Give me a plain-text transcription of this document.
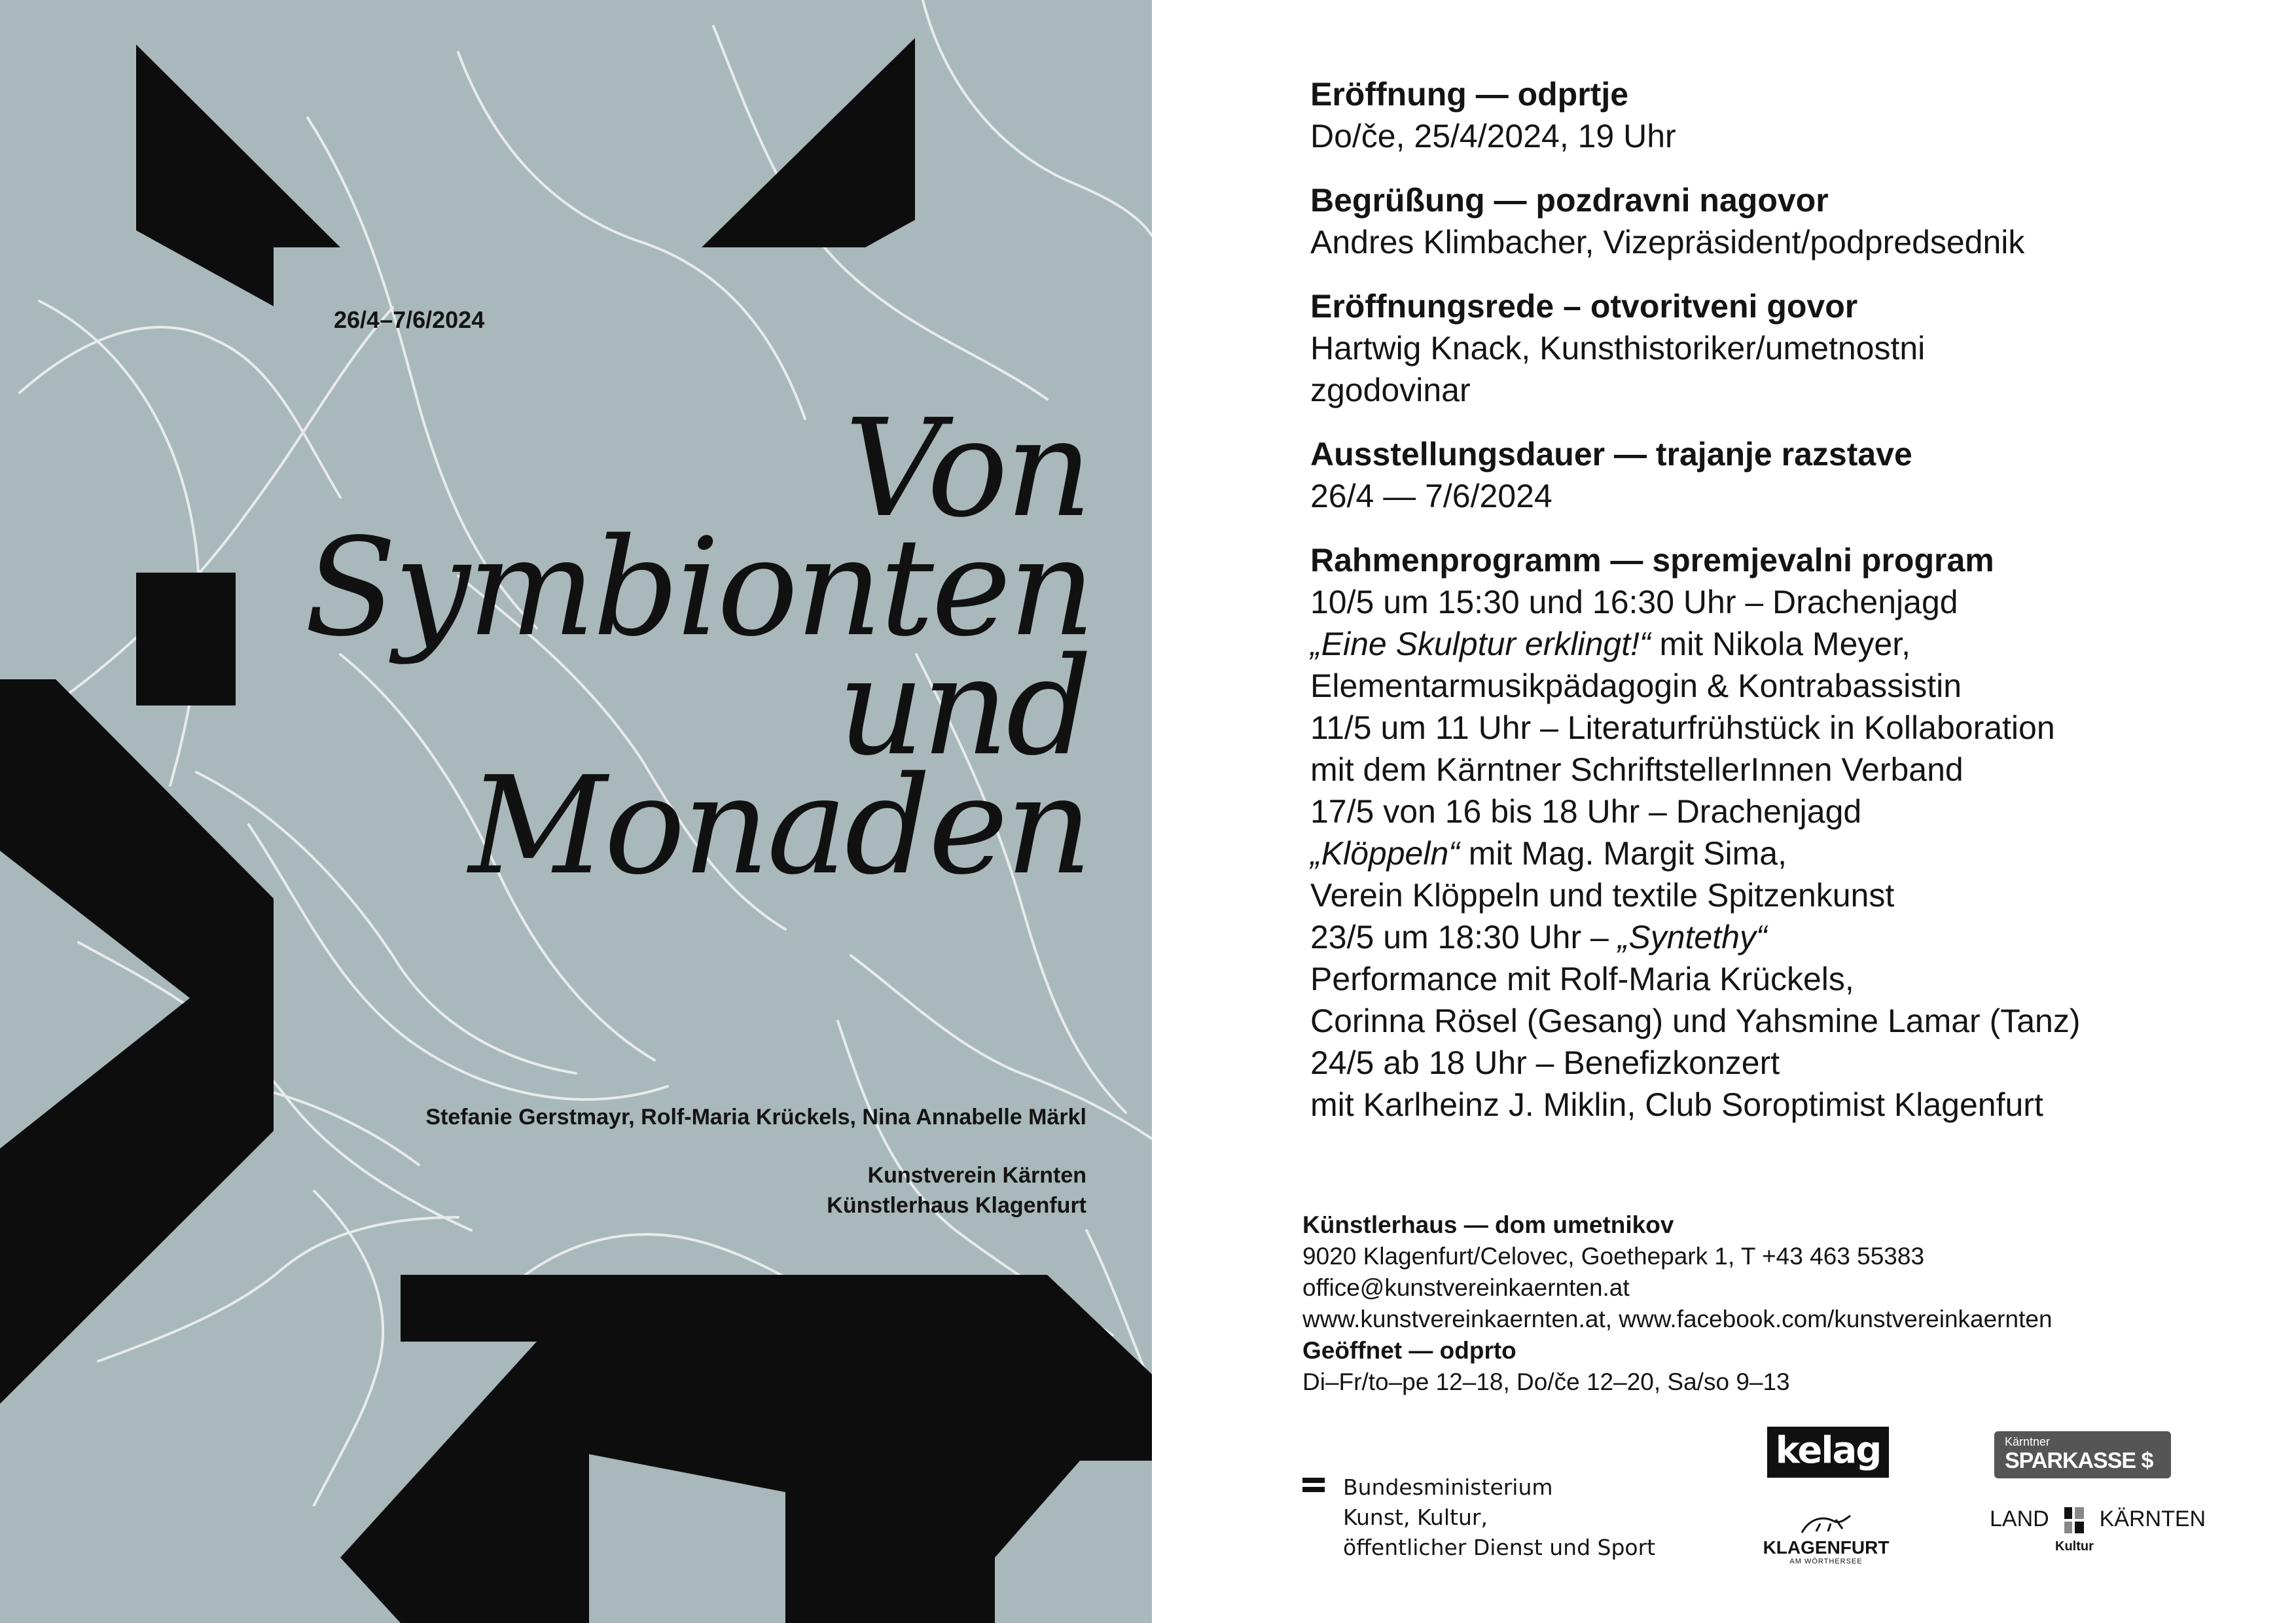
26/4–7/6/2024
Von
Symbionten
und
Monaden
Stefanie Gerstmayr, Rolf-Maria Krückels, Nina Annabelle Märkl
Kunstverein Kärnten
Künstlerhaus Klagenfurt
Eröffnung — odprtje
Do/če, 25/4/2024, 19 Uhr
Begrüßung — pozdravni nagovor
Andres Klimbacher, Vizepräsident/podpredsednik
Eröffnungsrede – otvoritveni govor
Hartwig Knack, Kunsthistoriker/umetnostni
zgodovinar
Ausstellungsdauer — trajanje razstave
26/4 — 7/6/2024
Rahmenprogramm — spremjevalni program
10/5 um 15:30 und 16:30 Uhr – Drachenjagd
„Eine Skulptur erklingt!“ mit Nikola Meyer,
Elementarmusikpädagogin & Kontrabassistin
11/5 um 11 Uhr – Literaturfrühstück in Kollaboration
mit dem Kärntner SchriftstellerInnen Verband
17/5 von 16 bis 18 Uhr – Drachenjagd
„Klöppeln“ mit Mag. Margit Sima,
Verein Klöppeln und textile Spitzenkunst
23/5 um 18:30 Uhr – „Syntethy“
Performance mit Rolf-Maria Krückels,
Corinna Rösel (Gesang) und Yahsmine Lamar (Tanz)
24/5 ab 18 Uhr – Benefizkonzert
mit Karlheinz J. Miklin, Club Soroptimist Klagenfurt
Künstlerhaus — dom umetnikov
9020 Klagenfurt/Celovec, Goethepark 1, T +43 463 55383
office@kunstvereinkaernten.at
www.kunstvereinkaernten.at, www.facebook.com/kunstvereinkaernten
Geöffnet — odprto
Di–Fr/to–pe 12–18, Do/če 12–20, Sa/so 9–13
Bundesministerium
Kunst, Kultur,
öffentlicher Dienst und Sport
kelag	Kärntner
SPARKASSE $
KLAGENFURT
AM WÖRTHERSEE
LAND KÄRNTEN
Kultur
